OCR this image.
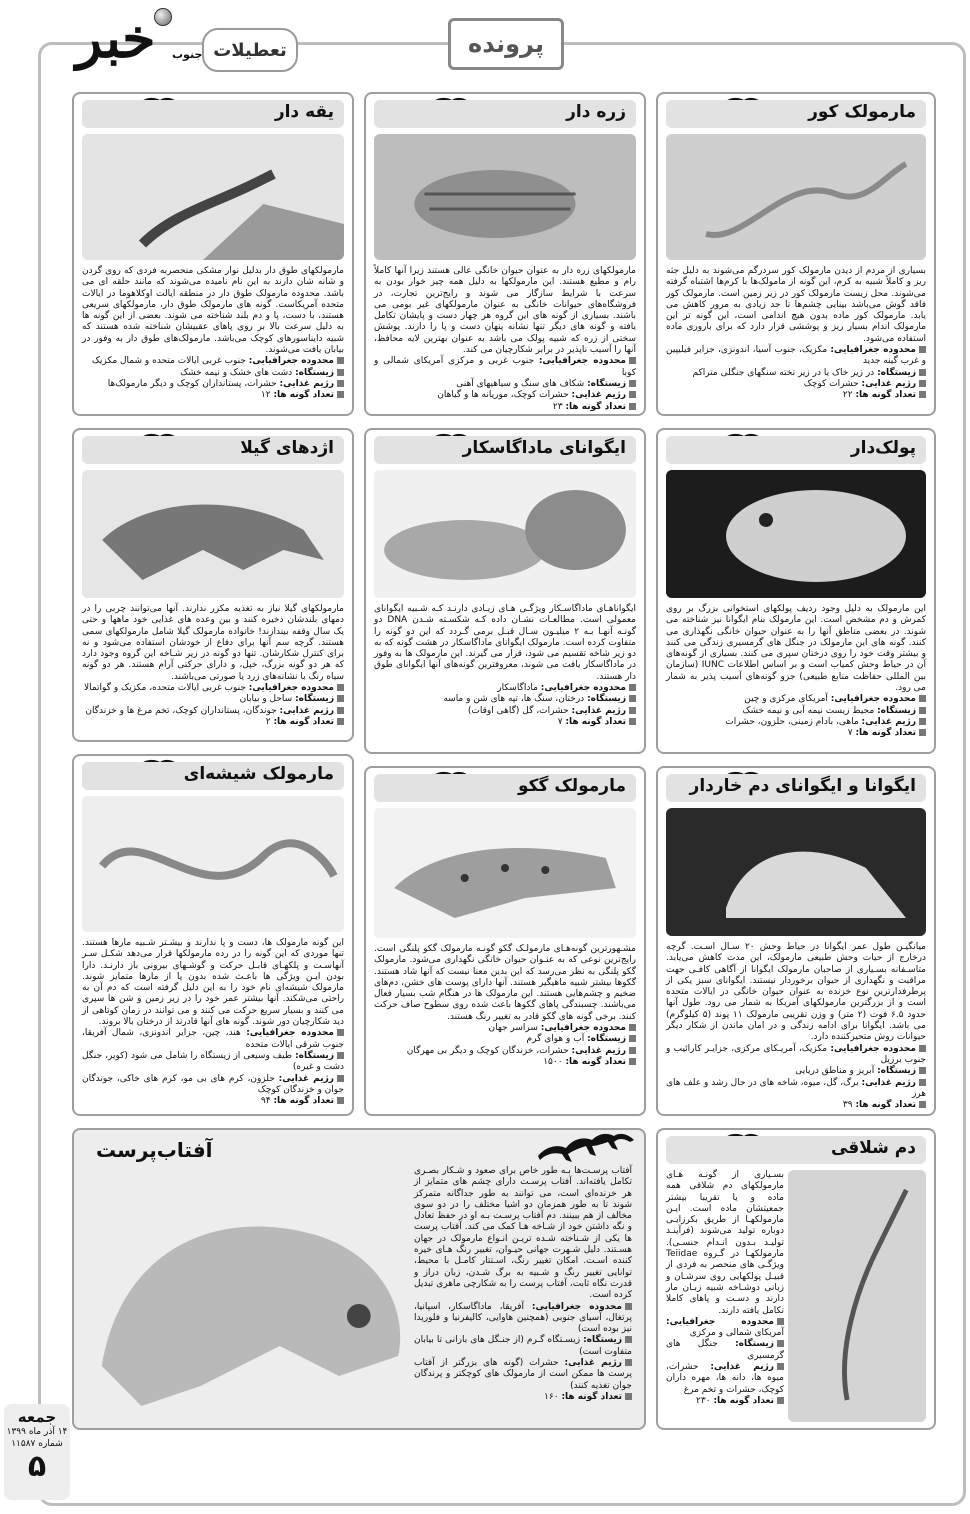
خبر جنوب تعطیلات	پرونده
مارمولک کور

بسیاری از مردم از دیدن مارمولک کور سردرگم می‌شوند به دلیل جثه ریز و کاملاً شبیه به کرم، این گونه از مامولک‌ها با کرم‌ها اشتباه گرفته می‌شوند. محل زیست مارمولک کور در زیر زمین است. مارمولک کور فاقد گوش می‌باشد بینایی چشم‌ها تا حد زیادی به مرور کاهش می یابد. مارمولک کور ماده بدون هیچ اندامی است، این گونه تر این مارمولک اندام بسیار ریز و پوششی قرار دارد که برای باروری ماده استفاده می‌شود.

محدوده جغرافیایی: مکزیک، جنوب آسیا، اندونزی، جزایر فیلیپین و غرب گینه جدید
زیستگاه: در زیر خاک یا در زیر تخته سنگهای جنگلی متراکم
رژیم غذایی: حشرات کوچک
تعداد گونه ها: ۲۲
زره دار

مارمولکهای زره دار به عنوان حیوان خانگی عالی هستند زیرا آنها کاملاً رام و مطیع هستند. این مارمولکها به دلیل همه چیز خوار بودن به سرعت با شرایط سازگار می شوند و رایج‌ترین تجارت، در فروشگاه‌های حیوانات خانگی به عنوان مارمولکهای غیر بومی می باشند. بسیاری از گونه های این گروه هر چهار دست و پایشان تکامل یافته و گونه های دیگر تنها نشانه پنهان دست و پا را دارند. پوشش سختی از زره که شبیه پولک می باشد به عنوان بهترین لایه محافظ، آنها را آسیب ناپذیر در برابر شکارچیان می کند.

محدوده جغرافیایی: جنوب غربی و مرکزی آمریکای شمالی و کوبا
زیستگاه: شکاف های سنگ و سیاهیهای آهنی
رژیم غذایی: حشرات کوچک، موریانه ها و گیاهان
تعداد گونه ها: ۲۳
یقه دار

مارمولکهای طوق دار بدلیل نوار مشکی منحصربه فردی که روی گردن و شانه شان دارند به این نام نامیده می‌شوند که مانند حلقه ای می باشد. محدوده مارمولک طوق دار در منطقه ایالت اوکلاهوما در ایالات متحده آمریکاست. گونه های مارمولک طوق دار، مارمولکهای سریعی هستند، با دست، پا و دم بلند شناخته می شوند. بعضی از این گونه ها به دلیل سرعت بالا بر روی پاهای عقبیشان شناخته شده هستند که شبیه دایناسورهای کوچک می‌باشد. مارمولک‌های طوق دار به وفور در بیابان یافت می‌شوند.

محدوده جغرافیایی: جنوب غربی ایالات متحده و شمال مکزیک
زیستگاه: دشت های خشک و نیمه خشک
رژیم غذایی: حشرات، پستانداران کوچک و دیگر مارمولک‌ها
تعداد گونه ها: ۱۲
پولک‌دار

این مارمولک به دلیل وجود ردیف پولکهای استخوانی بزرگ بر روی کمرش و دم مشخص است. این مارمولک بنام ایگوانا نیز شناخته می شوند. در بعضی مناطق آنها را به عنوان حیوان خانگی نگهداری می کنند. گونه های این مارمولک در جنگل های گرمسیری زندگی می کنند و بیشتر وقت خود را روی درختان سپری می کنند. بسیاری از گونه‌های آن در حیاط وحش کمیاب است و بر اساس اطلاعات IUNC (سازمان بین المللی حفاظت منابع طبیعی) جزو گونه‌های آسیب پذیر به شمار می رود.

محدوده جغرافیایی: آمریکای مرکزی و چین
زیستگاه: محیط زیست نیمه آبی و نیمه خشک
رژیم غذایی: ماهی، بادام زمینی، حلزون، حشرات
تعداد گونه ها: ۷
ایگوانای ماداگاسکار

ایگواناهـای ماداگاسـکار ویژگـی هـای زیـادی دارنـد کـه شـبیه ایگوانای معمولی است. مطالعـات نشـان داده کـه شکسـته شـدن DNA دو گونـه آنهـا بـه ۲ میلیـون سـال قبـل برمی گـردد که این دو گونه را متفاوت کرده است. مارمولک ایگوانای ماداگاسکار در هشت گونه که به دو زیر شاخه تقسیم می شود، قرار می گیرند. این مارمولک ها به وفور در ماداگاسکار یافت می شوند، معروفترین گونه‌های آنها ایگوانای طوق دار هستند.

محدوده جغرافیایی: ماداگاسکار
زیستگاه: درختان، سنگ ها، تپه های شن و ماسه
رژیم غذایی: حشرات، گل (گاهی اوقات)
تعداد گونه ها: ۷
اژدهای گیلا

مارمولکهای گیلا نیاز به تغذیه مکرر ندارند. آنها می‌توانند چربی را در دمهای بلندشان ذخیره کنند و بین وعده های غذایی خود ماهها و حتی یک سال وقفه بیندازند! خانواده مارمولک گیلا شامل مارمولکهای سمی هستند. گرچه سم آنها برای دفاع از خودشان استفاده می‌شود و نه برای کنترل شکارشان. تنها دو گونه در زیر شـاخه این گروه وجود دارد که هر دو گونه بزرگ، خپل، و دارای حرکتی آرام هستند. هر دو گونه سیاه رنگ با نشانه‌های زرد یا صورتی می‌باشند.

محدوده جغرافیایی: جنوب غربی ایالات متحده، مکزیک و گواتمالا
زیستگاه: ساحل و بیابان
رژیم غذایی: جوندگان، پستانداران کوچک، تخم مرغ ها و خزندگان
تعداد گونه ها: ۲
ایگوانا و ایگوانای دم خاردار

میانگیـن طول عمر ایگوانا در حیاط وحش ۲۰ سـال اسـت. گرچه درخارج از حیات وحش طبیعی مارمولک، این مدت کاهش می‌یابد. متاسـفانه بسـیاری از صاحبان مارمولک ایگوانا از آگاهی کافـی جهت مراقبت و نگهداری از حیوان برخوردار نیستند. ایگوانای سبز یکی از پرطرفدارترین نوع خزنده به عنوان حیوان خانگی در ایالات متحده است و از بزرگترین مارمولکهای آمریکا به شمار می رود. طول آنها حدود ۶.۵ فوت (۲ متر) و وزن تقریبی مارمولک ۱۱ پوند (۵ کیلوگرم) می باشد. ایگوانا برای ادامه زندگی و در امان ماندن از شکار دیگر حیوانات روش متحیرکننده دارد.

محدوده جغرافیایی: مکزیک، آمریـکای مرکزی، جزایـر کارائیب و جنوب برزیل
زیستگاه: آبریز و مناطق دریایی
رژیم غذایی: برگ، گل، میوه، شاخه های در حال رشد و علف های هرز
تعداد گونه ها: ۳۹
مارمولک گکو

مشـهورترین گونه‌هـای مارمولـک گکو گونـه مارمولک گکو پلنگی است. رایج‌ترین نوعی که به عنـوان حیوان خانگی نگهداری می‌شود. مارمولک گکو پلنگی به نظر می‌رسد که این بدین معنا نیست که آنها شاد هستند. گکوها بیشتر شبیه ماهیگیر هستند. آنها دارای پوست های خشن، دم‌های ضخیم و چشم‌هایی هستند. این مارمولک ها در هنگام شب بسیار فعال می‌باشند. چسبندگی پاهای گکوها باعث شده روی سطوح صاف حرکت کنند. برخی گونه های گکو قادر به تغییر رنگ هستند.

محدوده جغرافیایی: سراسر جهان
زیستگاه: آب و هوای گرم
رژیم غذایی: حشرات، خزندگان کوچک و دیگر بی مهرگان
تعداد گونه ها: ۱۵۰۰
مارمولک شیشه‌ای

این گونه مارمولک ها، دست و پا ندارند و بیشـتر شـبیه مارها هستند. تنها موردی که این گونه را در رده مارمولکها قرار می‌دهد شکـل سـر آنهاسـت و پلکهـای قابـل حرکت و گوشـهای بیرونی باز دارنـد. دارا بودن ایـن ویژگی ها باعـث شده بدون پا از مارها متمایز شوند. مارمولک شیشه‌ای نام خود را به این دلیل گرفته است که دم آن به راحتی می‌شکند. آنها بیشتر عمر خود را در زیر زمین و شن ها سپری می کنند و بسیار سریع حرکت می کنند و می توانند در زمان کوتاهی از دید شکارچیان دور شوند. گونه های آنها قادرند از درختان بالا بروند.

محدوده جغرافیایی: هند، چین، جزایر اندونزی، شمال آفریقا، جنوب شرقی ایالات متحده
زیستگاه: طیف وسیعی از زیستگاه را شامل می شود (کویر، جنگل دشت و غیره)
رژیم غذایی: حلزون، کرم های بی مو، کرم های خاکی، جوندگان جوان و خزندگان کوچک
تعداد گونه ها: ۹۴
دم شلاقی

بسـیاری از گونـه هـای مارمولکهای دم شلاقی همه ماده و یا تقریبا بیشتر جمعیتشان ماده است. ایـن مارمولکهـا از طریق بکرزایـی دوباره تولید می‌شوند (فرآینـد تولیـد بـدون انـدام جنسـی). مارمولکهـا در گـروه Teiidae ویژگـی های منحصر به فردی از قبیـل پولکهایی روی سرشـان و زبانی دوشـاخه شبیه زبـان مار دارند و دسـت و پاهای کاملا تکامل یافته دارند.

محدوده جغرافیایی: آمریکای شمالی و مرکزی
زیستگاه: جنگل های گرمسیری
رژیم غذایی: حشرات، میوه ها، دانه ها، مهره داران کوچک، حشرات و تخم مرغ
تعداد گونه ها: ۲۳۰
آفتاب‌پرست

آفتاب پرسـت‌ها بـه طور خاص برای صعود و شـکار بصـری تکامل یافته‌اند. آفتاب پرسـت دارای چشم های متمایز از هر خزنده‌ای است، می توانند به طور جداگانه متمرکز شوند تا به طور همزمان دو اشیا مختلف را در دو سوی مخالف از هم ببینند. دم آفتاب پرسـت بـه او در حفظ تعادل و نگه داشتن خود از شـاخه هـا کمک می کند. آفتاب پرست ها یکی از شـناخته شـده تریـن انـواع مارمولک در جهان هسـتند. دلیل شـهرت جهانی حیـوان، تغییر رنگ هـای خیره کننده اسـت. امکان تغییر رنگ، اسـتتار کامـل با محیط، توانایی تغییر رنگ و شـبیه به برگ شـدن، زبان دراز و قدرت نگاه ثابت، آفتاب پرست را به شکارچی ماهری تبدیل کرده است.

محدوده جغرافیایی: آفریقا، ماداگاسکار، اسپانیا، پرتغال، آسیای جنوبی (همچنین هاوایی، کالیفرنیا و فلوریدا نیز بوده است)
زیستگاه: زیسـتگاه گـرم (از جنـگل های بارانی تا بیابان متفاوت است)
رژیم غذایی: حشرات (گونه های بزرگتر از آفتاب پرست ها ممکن است از مارمولک های کوچکتر و پرندگان جوان تغذیه کنند)
تعداد گونه ها: ۱۶۰
جمعه
۱۴ آذر ماه ۱۳۹۹
شماره ۱۱۵۸۷
۵
